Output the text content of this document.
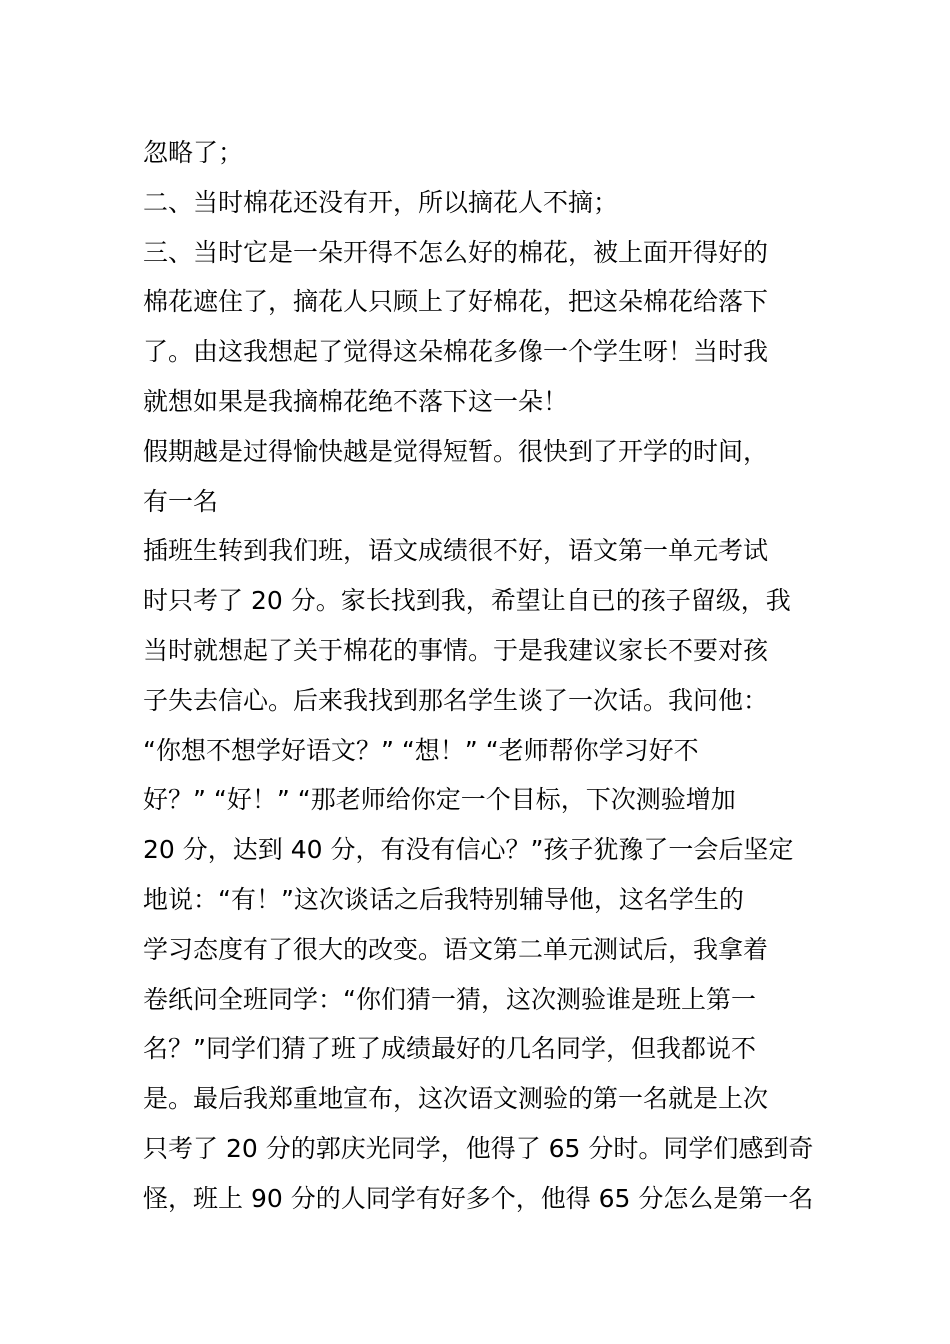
忽略了；
二、当时棉花还没有开，所以摘花人不摘；
三、当时它是一朵开得不怎么好的棉花，被上面开得好的
棉花遮住了，摘花人只顾上了好棉花，把这朵棉花给落下
了。由这我想起了觉得这朵棉花多像一个学生呀！当时我
就想如果是我摘棉花绝不落下这一朵！
假期越是过得愉快越是觉得短暂。很快到了开学的时间，
有一名
插班生转到我们班，语文成绩很不好，语文第一单元考试
时只考了 20 分。家长找到我，希望让自已的孩子留级，我
当时就想起了关于棉花的事情。于是我建议家长不要对孩
子失去信心。后来我找到那名学生谈了一次话。我问他：
“你想不想学好语文？” “想！” “老师帮你学习好不
好？” “好！” “那老师给你定一个目标，下次测验增加
20 分，达到 40 分，有没有信心？”孩子犹豫了一会后坚定
地说：“有！”这次谈话之后我特别辅导他，这名学生的
学习态度有了很大的改变。语文第二单元测试后，我拿着
卷纸问全班同学：“你们猜一猜，这次测验谁是班上第一
名？”同学们猜了班了成绩最好的几名同学，但我都说不
是。最后我郑重地宣布，这次语文测验的第一名就是上次
只考了 20 分的郭庆光同学，他得了 65 分时。同学们感到奇
怪，班上 90 分的人同学有好多个，他得 65 分怎么是第一名
